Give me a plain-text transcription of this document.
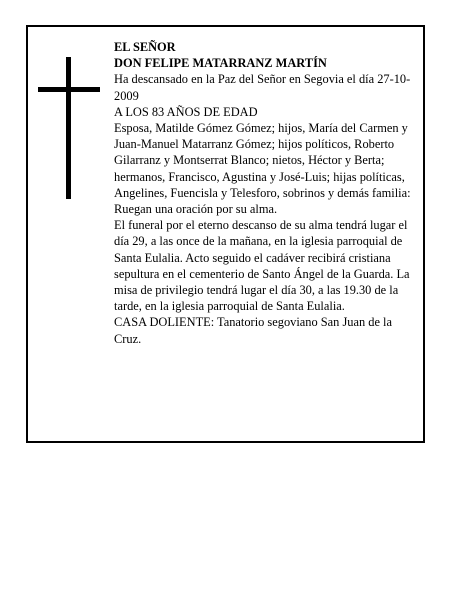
EL SEÑOR

DON FELIPE MATARRANZ MARTÍN

Ha descansado en la Paz del Señor en Segovia el día 27-10-2009

A LOS 83 AÑOS DE EDAD

Esposa, Matilde Gómez Gómez; hijos, María del Carmen y Juan-Manuel Matarranz Gómez; hijos políticos, Roberto Gilarranz y Montserrat Blanco; nietos, Héctor y Berta; hermanos, Francisco, Agustina y José-Luis; hijas políticas, Angelines, Fuencisla y Telesforo, sobrinos y demás familia:

Ruegan una oración por su alma.

El funeral por el eterno descanso de su alma tendrá lugar el día 29, a las once de la mañana, en la iglesia parroquial de Santa Eulalia. Acto seguido el cadáver recibirá cristiana sepultura en el cementerio de Santo Ángel de la Guarda. La misa de privilegio tendrá lugar el día 30, a las 19.30 de la tarde, en la iglesia parroquial de Santa Eulalia.

CASA DOLIENTE: Tanatorio segoviano San Juan de la Cruz.
